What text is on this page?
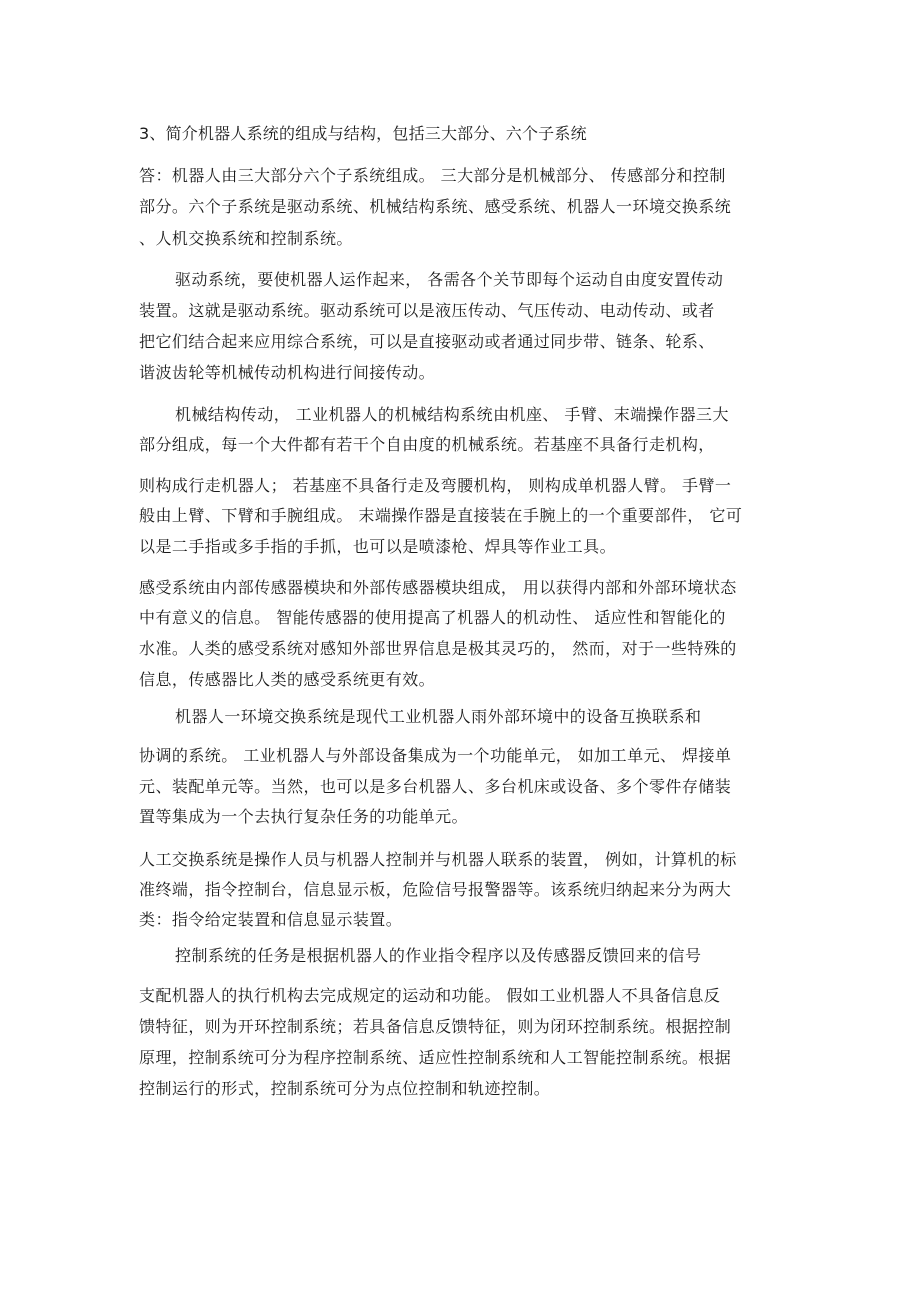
3、简介机器人系统的组成与结构，包括三大部分、六个子系统
答：机器人由三大部分六个子系统组成。 三大部分是机械部分、 传感部分和控制
部分。六个子系统是驱动系统、机械结构系统、感受系统、机器人一环境交换系统
、人机交换系统和控制系统。
驱动系统，要使机器人运作起来， 各需各个关节即每个运动自由度安置传动
装置。这就是驱动系统。驱动系统可以是液压传动、气压传动、电动传动、或者
把它们结合起来应用综合系统，可以是直接驱动或者通过同步带、链条、轮系、
谐波齿轮等机械传动机构进行间接传动。
机械结构传动， 工业机器人的机械结构系统由机座、 手臂、末端操作器三大
部分组成，每一个大件都有若干个自由度的机械系统。若基座不具备行走机构，
则构成行走机器人； 若基座不具备行走及弯腰机构， 则构成单机器人臂。 手臂一
般由上臂、下臂和手腕组成。 末端操作器是直接装在手腕上的一个重要部件， 它可
以是二手指或多手指的手抓，也可以是喷漆枪、焊具等作业工具。
感受系统由内部传感器模块和外部传感器模块组成， 用以获得内部和外部环境状态
中有意义的信息。 智能传感器的使用提高了机器人的机动性、 适应性和智能化的
水准。人类的感受系统对感知外部世界信息是极其灵巧的， 然而，对于一些特殊的
信息，传感器比人类的感受系统更有效。
机器人一环境交换系统是现代工业机器人雨外部环境中的设备互换联系和
协调的系统。 工业机器人与外部设备集成为一个功能单元， 如加工单元、 焊接单
元、装配单元等。当然，也可以是多台机器人、多台机床或设备、多个零件存储装
置等集成为一个去执行复杂任务的功能单元。
人工交换系统是操作人员与机器人控制并与机器人联系的装置， 例如，计算机的标
准终端，指令控制台，信息显示板，危险信号报警器等。该系统归纳起来分为两大
类：指令给定装置和信息显示装置。
控制系统的任务是根据机器人的作业指令程序以及传感器反馈回来的信号
支配机器人的执行机构去完成规定的运动和功能。 假如工业机器人不具备信息反
馈特征，则为开环控制系统；若具备信息反馈特征，则为闭环控制系统。根据控制
原理，控制系统可分为程序控制系统、适应性控制系统和人工智能控制系统。根据
控制运行的形式，控制系统可分为点位控制和轨迹控制。
